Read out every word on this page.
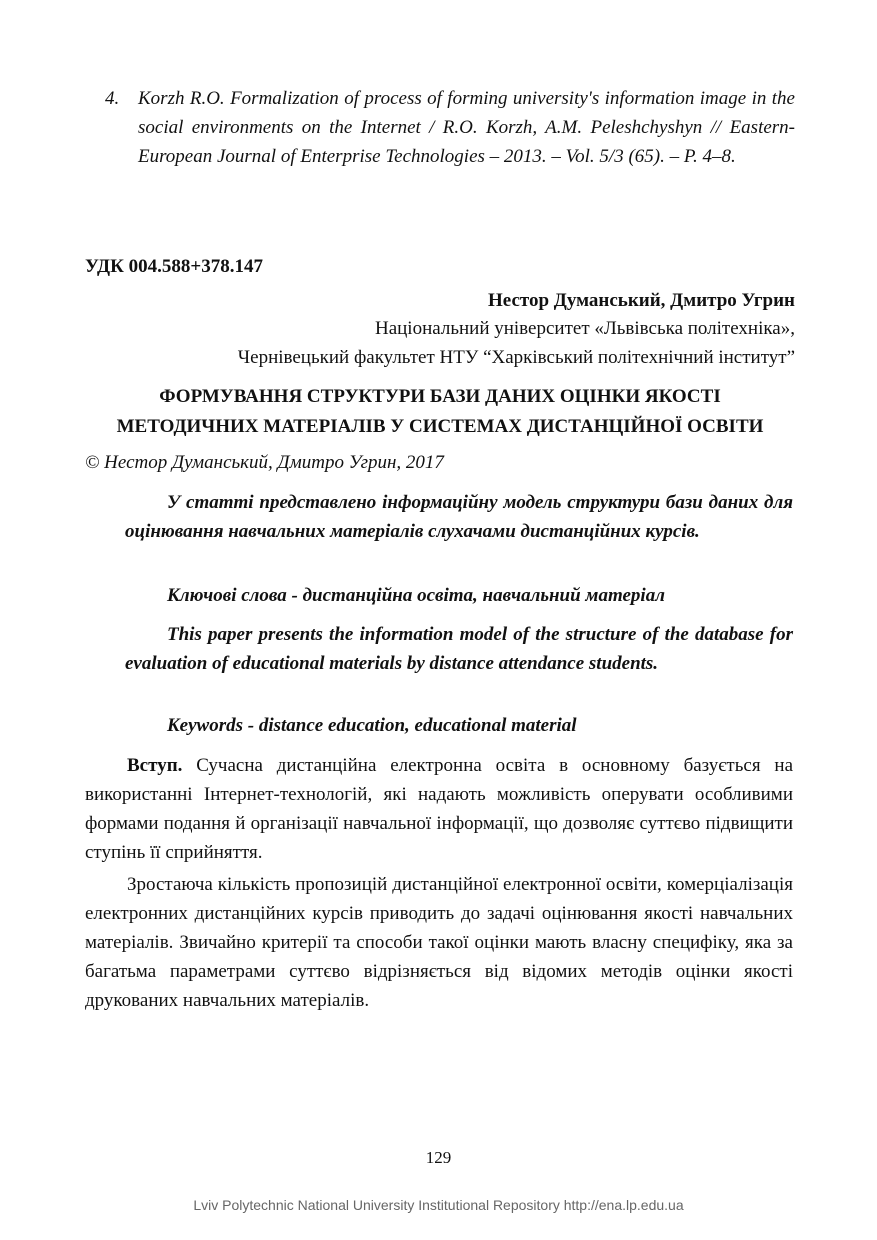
4. Korzh R.O. Formalization of process of forming university's information image in the social environments on the Internet / R.O. Korzh, A.M. Peleshchyshyn // Eastern-European Journal of Enterprise Technologies – 2013. – Vol. 5/3 (65). – P. 4–8.
УДК 004.588+378.147
Нестор Думанський, Дмитро Угрин
Національний університет «Львівська політехніка»,
Чернівецький факультет НТУ “Харківський політехнічний інститут”
ФОРМУВАННЯ СТРУКТУРИ БАЗИ ДАНИХ ОЦІНКИ ЯКОСТІ
МЕТОДИЧНИХ МАТЕРІАЛІВ У СИСТЕМАХ ДИСТАНЦІЙНОЇ ОСВІТИ
© Нестор Думанський, Дмитро Угрин, 2017
У статті представлено інформаційну модель структури бази даних для оцінювання навчальних матеріалів слухачами дистанційних курсів.
Ключові слова - дистанційна освіта, навчальний матеріал
This paper presents the information model of the structure of the database for evaluation of educational materials by distance attendance students.
Keywords - distance education, educational material
Вступ. Сучасна дистанційна електронна освіта в основному базується на використанні Інтернет-технологій, які надають можливість оперувати особливими формами подання й організації навчальної інформації, що дозволяє суттєво підвищити ступінь її сприйняття.
Зростаюча кількість пропозицій дистанційної електронної освіти, комерціалізація електронних дистанційних курсів приводить до задачі оцінювання якості навчальних матеріалів. Звичайно критерії та способи такої оцінки мають власну специфіку, яка за багатьма параметрами суттєво відрізняється від відомих методів оцінки якості друкованих навчальних матеріалів.
129
Lviv Polytechnic National University Institutional Repository http://ena.lp.edu.ua
